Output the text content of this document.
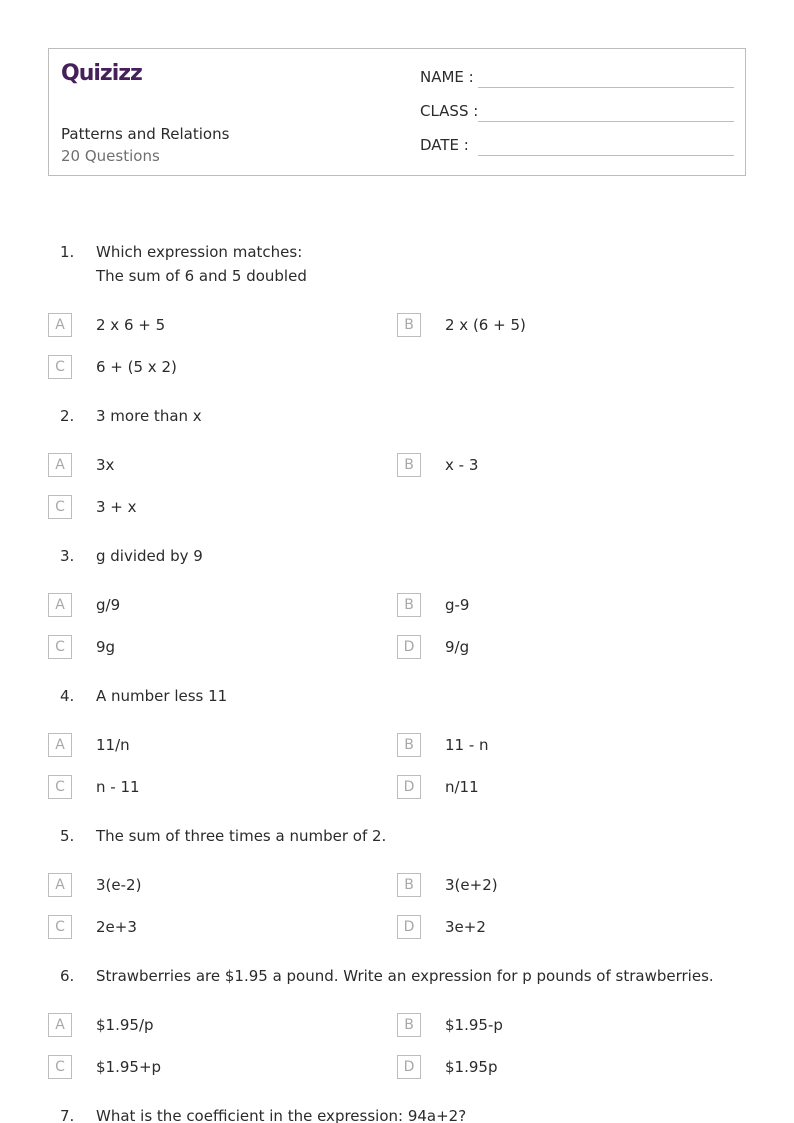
Quizizz
Patterns and Relations
20 Questions
NAME :
CLASS :
DATE :
1. Which expression matches:
The sum of 6 and 5 doubled
A	2 x 6 + 5	B	2 x (6 + 5)
C	6 + (5 x 2)
2. 3 more than x
A	3x	B	x - 3
C	3 + x
3. g divided by 9
A	g/9	B	g-9
C	9g	D	9/g
4. A number less 11
A	11/n	B	11 - n
C	n - 11	D	n/11
5. The sum of three times a number of 2.
A	3(e-2)	B	3(e+2)
C	2e+3	D	3e+2
6. Strawberries are $1.95 a pound. Write an expression for p pounds of strawberries.
A	$1.95/p	B	$1.95-p
C	$1.95+p	D	$1.95p
7. What is the coefficient in the expression: 94a+2?
